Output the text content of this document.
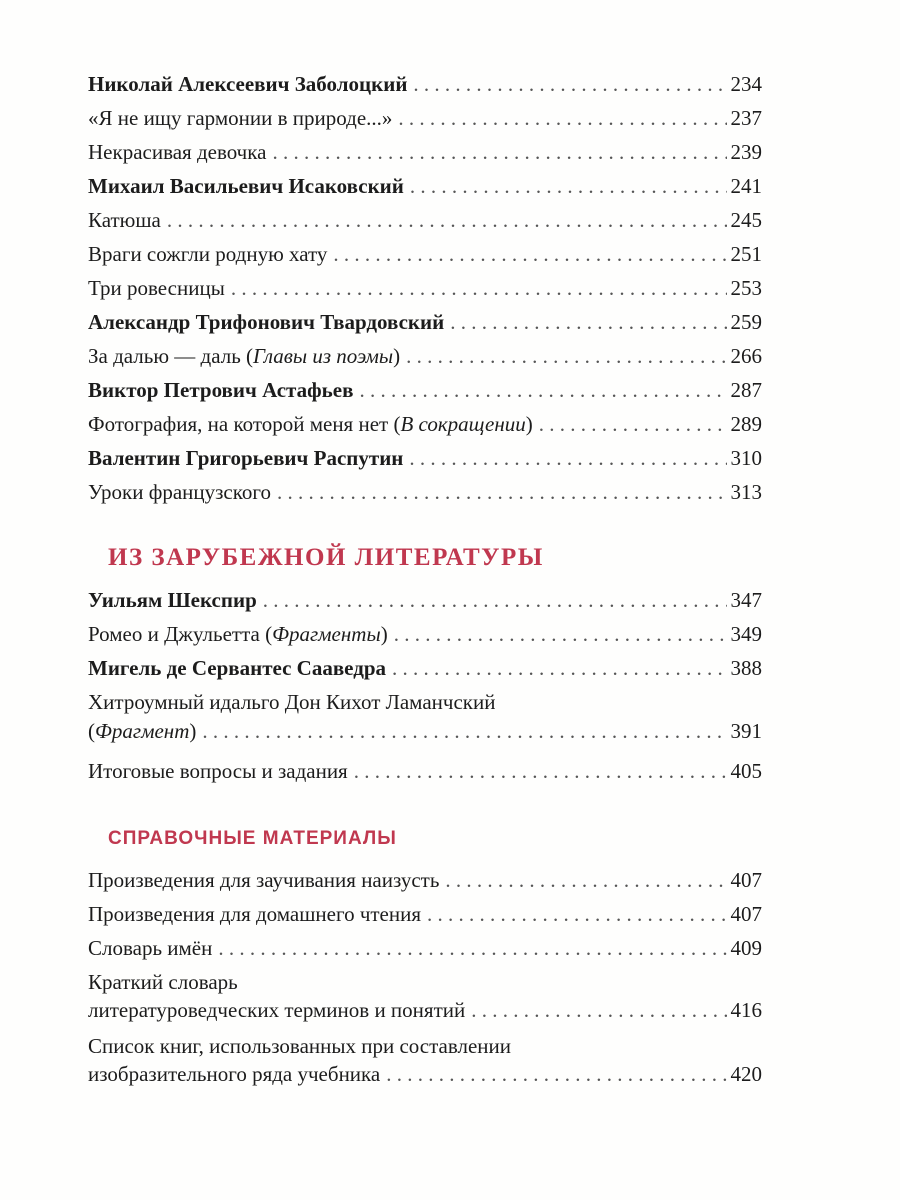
Николай Алексеевич Заболоцкий . . .	234
«Я не ищу гармонии в природе...» . . .	237
Некрасивая девочка . . .	239
Михаил Васильевич Исаковский . . .	241
Катюша . . .	245
Враги сожгли родную хату . . .	251
Три ровесницы . . .	253
Александр Трифонович Твардовский . . .	259
За далью — даль (Главы из поэмы) . . .	266
Виктор Петрович Астафьев . . .	287
Фотография, на которой меня нет (В сокращении) . . .	289
Валентин Григорьевич Распутин . . .	310
Уроки французского . . .	313
ИЗ ЗАРУБЕЖНОЙ ЛИТЕРАТУРЫ
Уильям Шекспир . . .	347
Ромео и Джульетта (Фрагменты) . . .	349
Мигель де Сервантес Сааведра . . .	388
Хитроумный идальго Дон Кихот Ламанчский
(Фрагмент) . . .	391
Итоговые вопросы и задания . . .	405
СПРАВОЧНЫЕ МАТЕРИАЛЫ
Произведения для заучивания наизусть . . .	407
Произведения для домашнего чтения . . .	407
Словарь имён . . .	409
Краткий словарь
литературоведческих терминов и понятий . . .	416
Список книг, использованных при составлении
изобразительного ряда учебника . . .	420
